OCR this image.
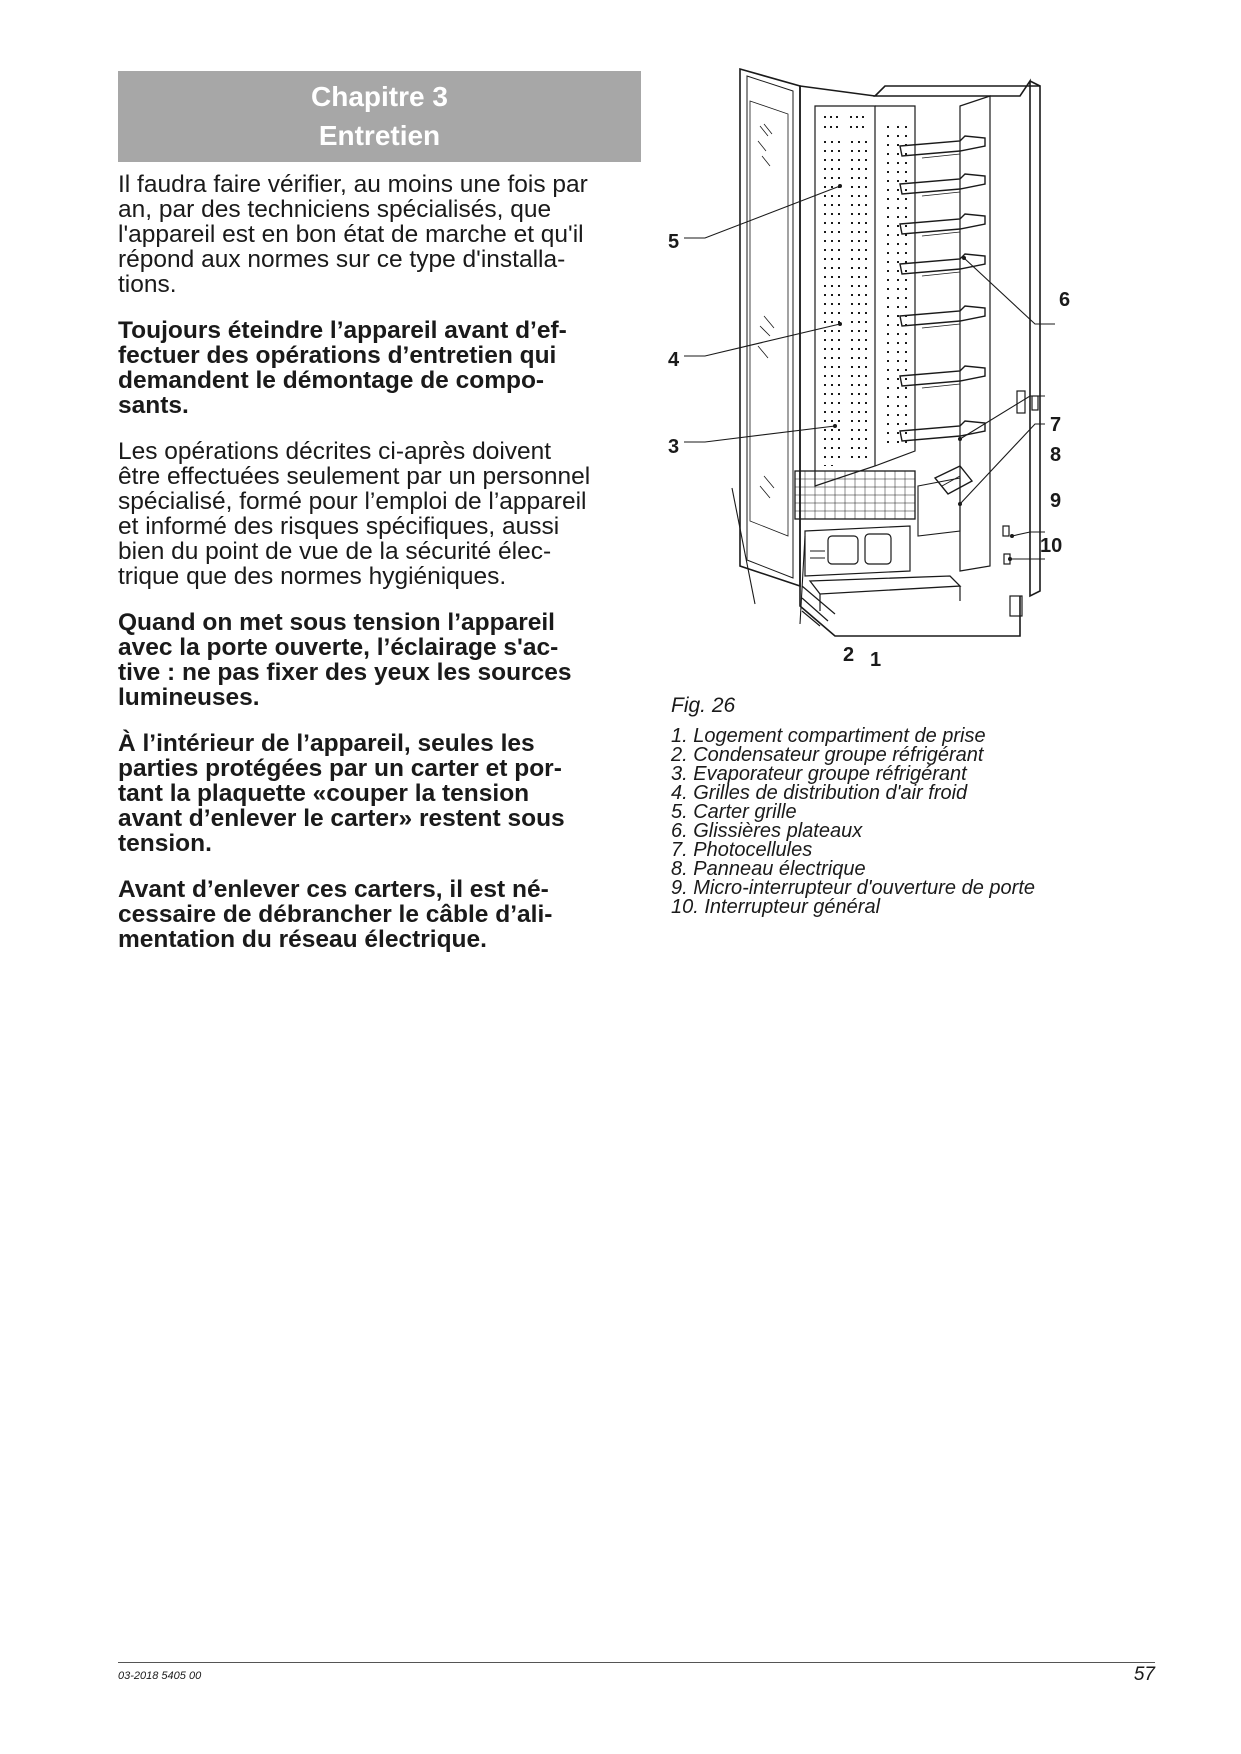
Chapitre 3
Entretien

Il faudra faire vérifier, au moins une fois par
an, par des techniciens spécialisés, que
l'appareil est en bon état de marche et qu'il
répond aux normes sur ce type d'installa-
tions.

Toujours éteindre l’appareil avant d’ef-
fectuer des opérations d’entretien qui
demandent le démontage de compo-
sants.

Les opérations décrites ci-après doivent
être effectuées seulement par un personnel
spécialisé, formé pour l’emploi de l’appareil
et informé des risques spécifiques, aussi
bien du point de vue de la sécurité élec-
trique que des normes hygiéniques.

Quand on met sous tension l’appareil
avec la porte ouverte, l’éclairage s'ac-
tive : ne pas fixer des yeux les sources
lumineuses.

À l’intérieur de l’appareil, seules les
parties protégées par un carter et por-
tant la plaquette «couper la tension
avant d’enlever le carter» restent sous
tension.

Avant d’enlever ces carters, il est né-
cessaire de débrancher le câble d’ali-
mentation du réseau électrique.

5
4
3
6
7
8
9
10
2 1
Fig. 26
1. Logement compartiment de prise
2. Condensateur groupe réfrigérant
3. Evaporateur groupe réfrigérant
4. Grilles de distribution d'air froid
5. Carter grille
6. Glissières plateaux
7. Photocellules
8. Panneau électrique
9. Micro-interrupteur d'ouverture de porte
10. Interrupteur général
03-2018 5405 00	57
